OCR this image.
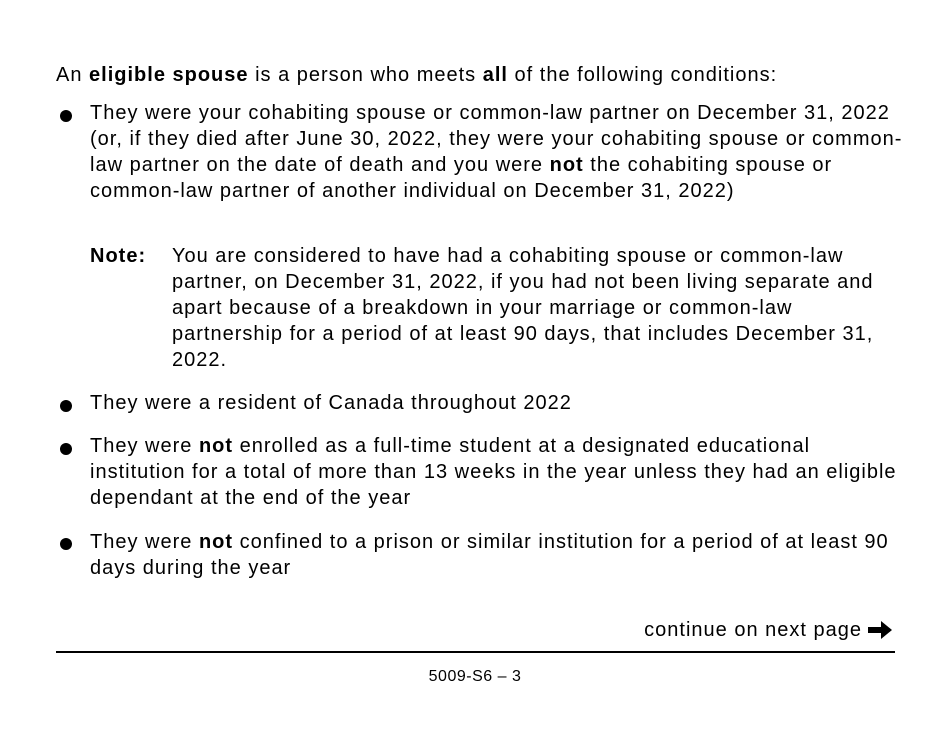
An eligible spouse is a person who meets all of the following conditions:
They were your cohabiting spouse or common-law partner on December 31, 2022 (or, if they died after June 30, 2022, they were your cohabiting spouse or common-law partner on the date of death and you were not the cohabiting spouse or common-law partner of another individual on December 31, 2022)
Note: You are considered to have had a cohabiting spouse or common-law partner, on December 31, 2022, if you had not been living separate and apart because of a breakdown in your marriage or common-law partnership for a period of at least 90 days, that includes December 31, 2022.
They were a resident of Canada throughout 2022
They were not enrolled as a full-time student at a designated educational institution for a total of more than 13 weeks in the year unless they had an eligible dependant at the end of the year
They were not confined to a prison or similar institution for a period of at least 90 days during the year
continue on next page
5009-S6 – 3
